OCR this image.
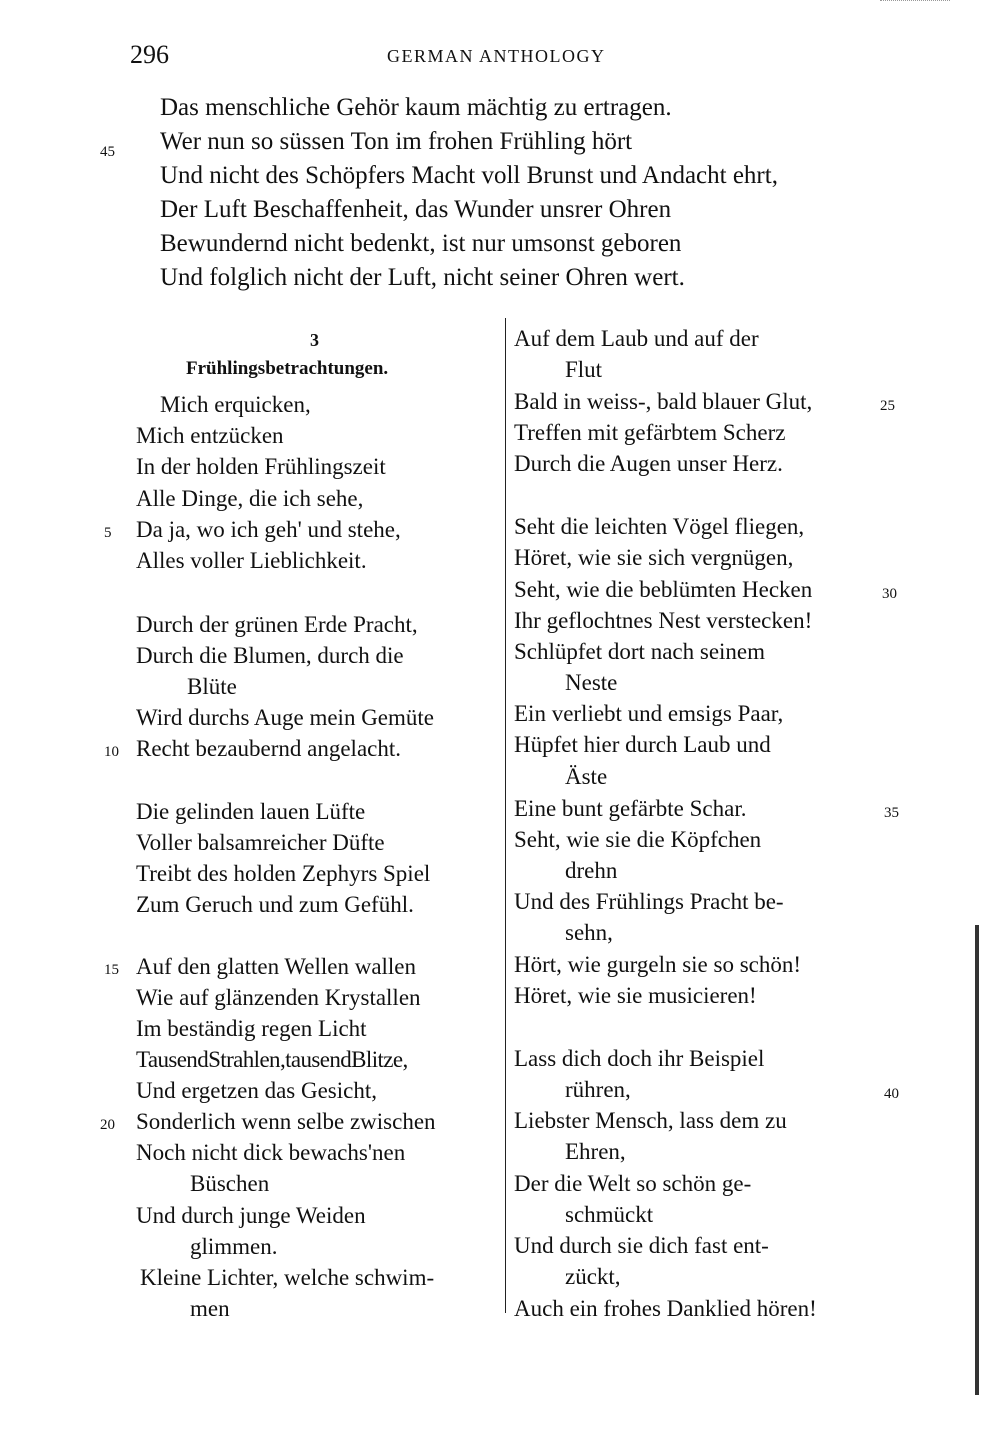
296	GERMAN ANTHOLOGY
45
Das menschliche Gehör kaum mächtig zu ertragen.
Wer nun so süssen Ton im frohen Frühling hört
Und nicht des Schöpfers Macht voll Brunst und Andacht ehrt,
Der Luft Beschaffenheit, das Wunder unsrer Ohren
Bewundernd nicht bedenkt, ist nur umsonst geboren
Und folglich nicht der Luft, nicht seiner Ohren wert.
3
Frühlingsbetrachtungen.
Mich erquicken,
Mich entzücken
In der holden Frühlingszeit
Alle Dinge, die ich sehe,
5 Da ja, wo ich geh' und stehe,
Alles voller Lieblichkeit.
Durch der grünen Erde Pracht,
Durch die Blumen, durch die
Blüte
Wird durchs Auge mein Gemüte
10 Recht bezaubernd angelacht.
Die gelinden lauen Lüfte
Voller balsamreicher Düfte
Treibt des holden Zephyrs Spiel
Zum Geruch und zum Gefühl.
15 Auf den glatten Wellen wallen
Wie auf glänzenden Krystallen
Im beständig regen Licht
TausendStrahlen,tausendBlitze,
Und ergetzen das Gesicht,
20 Sonderlich wenn selbe zwischen
Noch nicht dick bewachs'nen
Büschen
Und durch junge Weiden
glimmen.
Kleine Lichter, welche schwim-
men
Auf dem Laub und auf der
Flut
Bald in weiss-, bald blauer Glut,	25
Treffen mit gefärbtem Scherz
Durch die Augen unser Herz.
Seht die leichten Vögel fliegen,
Höret, wie sie sich vergnügen,
Seht, wie die beblümten Hecken	30
Ihr geflochtnes Nest verstecken!
Schlüpfet dort nach seinem
Neste
Ein verliebt und emsigs Paar,
Hüpfet hier durch Laub und
Äste
Eine bunt gefärbte Schar.	35
Seht, wie sie die Köpfchen
drehn
Und des Frühlings Pracht be-
sehn,
Hört, wie gurgeln sie so schön!
Höret, wie sie musicieren!
Lass dich doch ihr Beispiel
rühren,	40
Liebster Mensch, lass dem zu
Ehren,
Der die Welt so schön ge-
schmückt
Und durch sie dich fast ent-
zückt,
Auch ein frohes Danklied hören!
